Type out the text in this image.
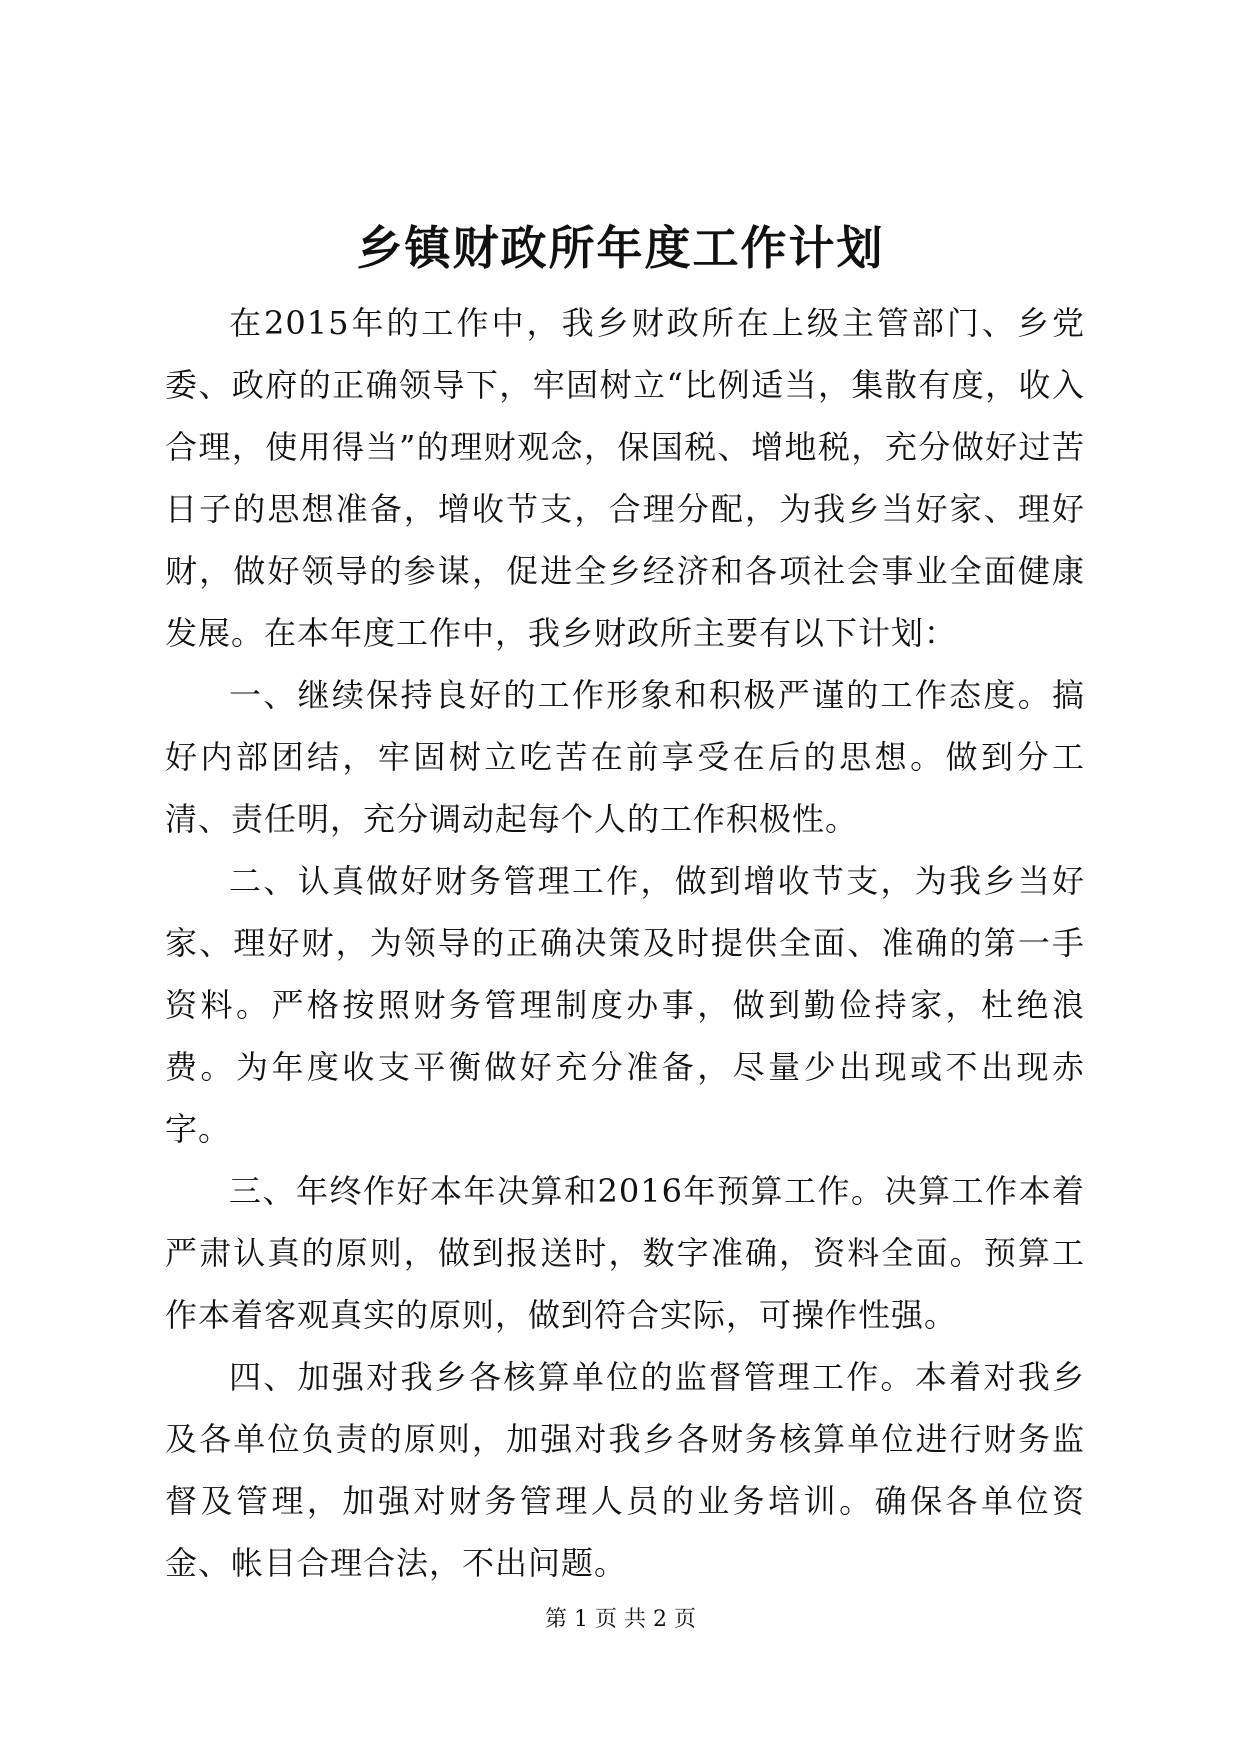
乡镇财政所年度工作计划

在2015年的工作中，我乡财政所在上级主管部门、乡党委、政府的正确领导下，牢固树立“比例适当，集散有度，收入合理，使用得当”的理财观念，保国税、增地税，充分做好过苦日子的思想准备，增收节支，合理分配，为我乡当好家、理好财，做好领导的参谋，促进全乡经济和各项社会事业全面健康发展。在本年度工作中，我乡财政所主要有以下计划：

一、继续保持良好的工作形象和积极严谨的工作态度。搞好内部团结，牢固树立吃苦在前享受在后的思想。做到分工清、责任明，充分调动起每个人的工作积极性。

二、认真做好财务管理工作，做到增收节支，为我乡当好家、理好财，为领导的正确决策及时提供全面、准确的第一手资料。严格按照财务管理制度办事，做到勤俭持家，杜绝浪费。为年度收支平衡做好充分准备，尽量少出现或不出现赤字。

三、年终作好本年决算和2016年预算工作。决算工作本着严肃认真的原则，做到报送时，数字准确，资料全面。预算工作本着客观真实的原则，做到符合实际，可操作性强。

四、加强对我乡各核算单位的监督管理工作。本着对我乡及各单位负责的原则，加强对我乡各财务核算单位进行财务监督及管理，加强对财务管理人员的业务培训。确保各单位资金、帐目合理合法，不出问题。

第 1 页 共 2 页
